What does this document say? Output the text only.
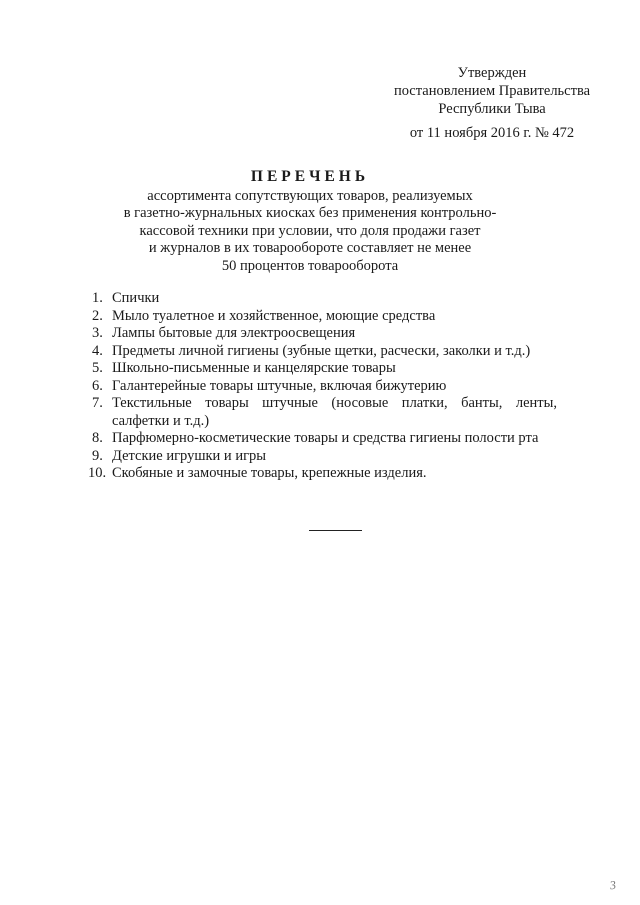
Утвержден
постановлением Правительства
Республики Тыва
от 11 ноября 2016 г. № 472
ПЕРЕЧЕНЬ
ассортимента сопутствующих товаров, реализуемых
в газетно-журнальных киосках без применения контрольно-
кассовой техники при условии, что доля продажи газет
и журналов в их товарообороте составляет не менее
50 процентов товарооборота
1. Спички
2. Мыло туалетное и хозяйственное, моющие средства
3. Лампы бытовые для электроосвещения
4. Предметы личной гигиены (зубные щетки, расчески, заколки и т.д.)
5. Школьно-письменные и канцелярские товары
6. Галантерейные товары штучные, включая бижутерию
7. Текстильные товары штучные (носовые платки, банты, ленты, салфетки и т.д.)
8. Парфюмерно-косметические товары и средства гигиены полости рта
9. Детские игрушки и игры
10. Скобяные и замочные товары, крепежные изделия.
3
